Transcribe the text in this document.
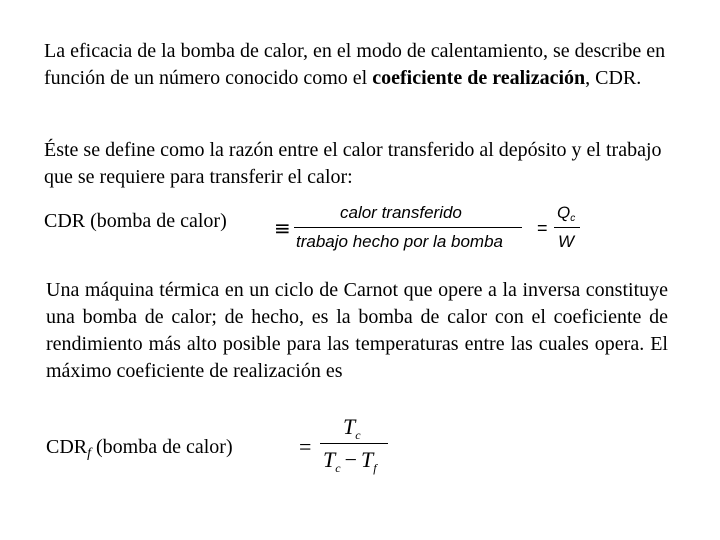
La eficacia de la bomba de calor, en el modo de calentamiento, se describe en función de un número conocido como el coeficiente de realización, CDR.

Éste se define como la razón entre el calor transferido al depósito y el trabajo que se requiere para transferir el calor:

CDR (bomba de calor) ≡
calor transferido
trabajo hecho por la bomba
=
$Q_c$
W

Una máquina térmica en un ciclo de Carnot que opere a la inversa constituye una bomba de calor; de hecho, es la bomba de calor con el coeficiente de rendimiento más alto posible para las temperaturas entre las cuales opera. El máximo coeficiente de realización es

$CDR_f$ (bomba de calor)	=
$T_c$
$T_c - T_f$
